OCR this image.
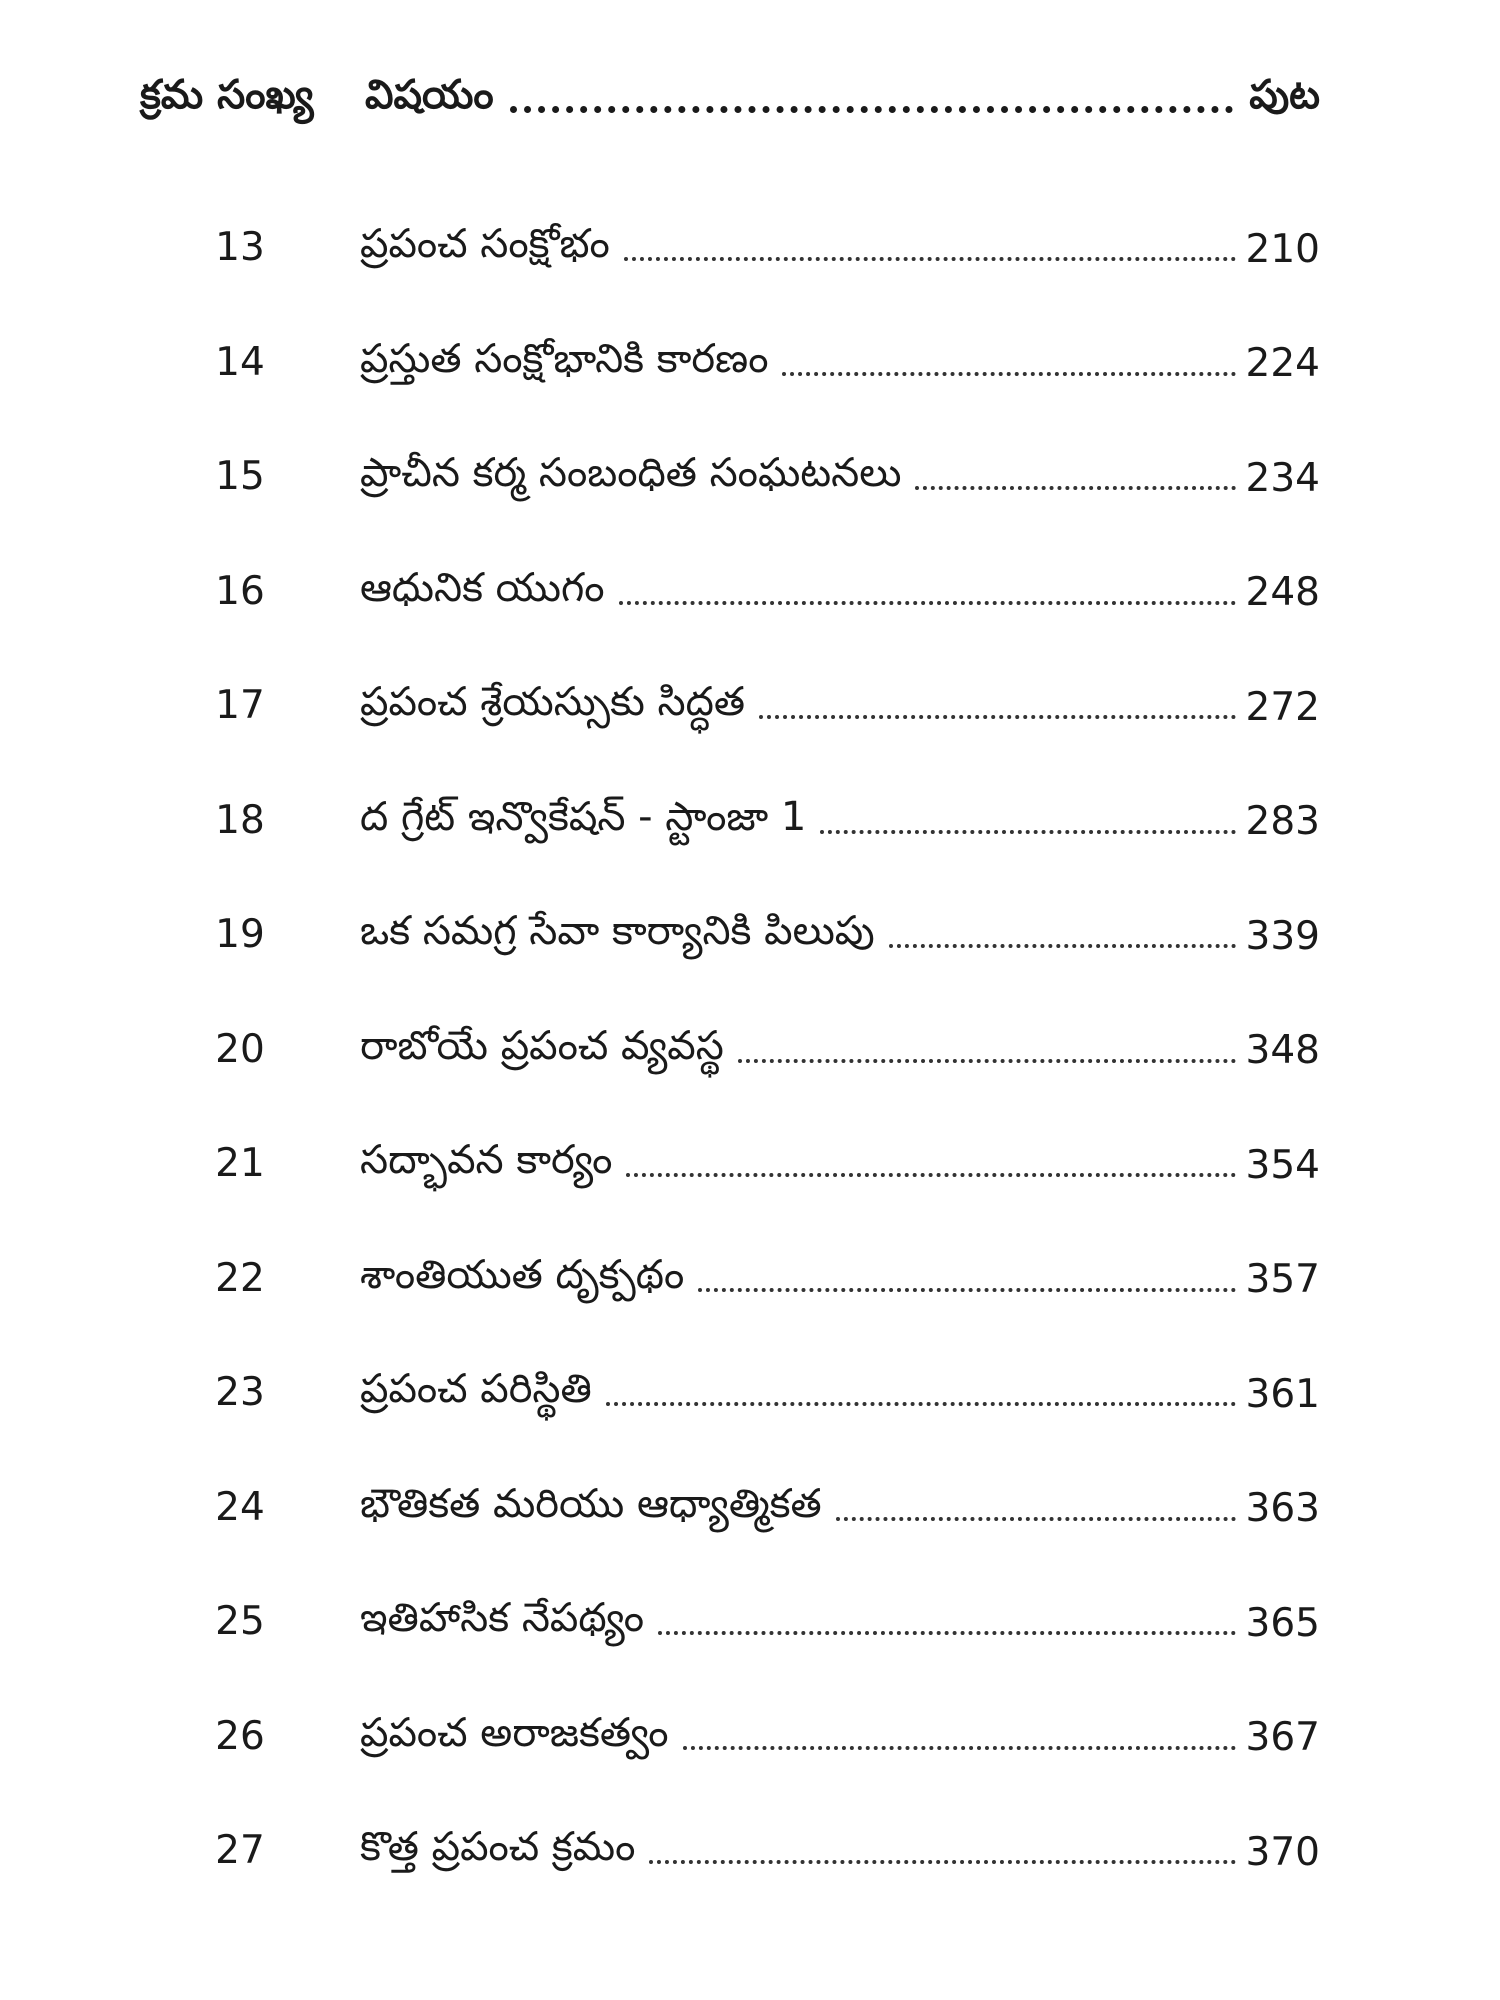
క్రమ సంఖ్య	విషయం	పుట
13	ప్రపంచ సంక్షోభం	210
14	ప్రస్తుత సంక్షోభానికి కారణం	224
15	ప్రాచీన కర్మ సంబంధిత సంఘటనలు	234
16	ఆధునిక యుగం	248
17	ప్రపంచ శ్రేయస్సుకు సిద్ధత	272
18	ద గ్రేట్ ఇన్వొకేషన్ - స్టాంజా 1	283
19	ఒక సమగ్ర సేవా కార్యానికి పిలుపు	339
20	రాబోయే ప్రపంచ వ్యవస్థ	348
21	సద్భావన కార్యం	354
22	శాంతియుత దృక్పథం	357
23	ప్రపంచ పరిస్థితి	361
24	భౌతికత మరియు ఆధ్యాత్మికత	363
25	ఇతిహాసిక నేపథ్యం	365
26	ప్రపంచ అరాజకత్వం	367
27	కొత్త ప్రపంచ క్రమం	370
